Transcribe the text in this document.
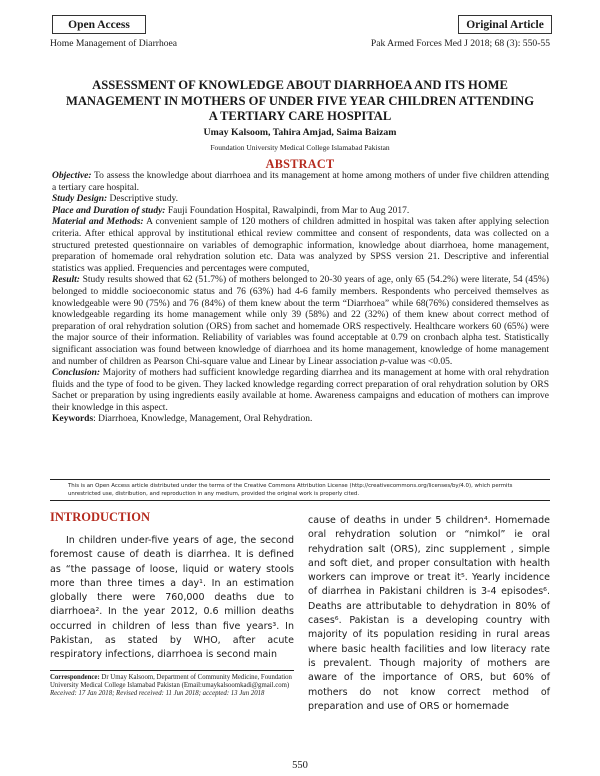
Open Access	Original Article
Home Management of Diarrhoea	Pak Armed Forces Med J 2018; 68 (3): 550-55
ASSESSMENT OF KNOWLEDGE ABOUT DIARRHOEA AND ITS HOME MANAGEMENT IN MOTHERS OF UNDER FIVE YEAR CHILDREN ATTENDING A TERTIARY CARE HOSPITAL
Umay Kalsoom, Tahira Amjad, Saima Baizam
Foundation University Medical College Islamabad Pakistan
ABSTRACT

Objective: To assess the knowledge about diarrhoea and its management at home among mothers of under five children attending a tertiary care hospital.

Study Design: Descriptive study.

Place and Duration of study: Fauji Foundation Hospital, Rawalpindi, from Mar to Aug 2017.

Material and Methods: A convenient sample of 120 mothers of children admitted in hospital was taken after applying selection criteria. After ethical approval by institutional ethical review committee and consent of respondents, data was collected on a structured pretested questionnaire on variables of demographic information, knowledge about diarrhoea, home management, preparation of homemade oral rehydration solution etc. Data was analyzed by SPSS version 21. Descriptive and inferential statistics was applied. Frequencies and percentages were computed,

Result: Study results showed that 62 (51.7%) of mothers belonged to 20-30 years of age, only 65 (54.2%) were literate, 54 (45%) belonged to middle socioeconomic status and 76 (63%) had 4-6 family members. Respondents who perceived themselves as knowledgeable were 90 (75%) and 76 (84%) of them knew about the term “Diarrhoea” while 68(76%) considered themselves as knowledgeable regarding its home management while only 39 (58%) and 22 (32%) of them knew about correct method of preparation of oral rehydration solution (ORS) from sachet and homemade ORS respectively. Healthcare workers 60 (65%) were the major source of their information. Reliability of variables was found acceptable at 0.79 on cronbach alpha test. Statistically significant association was found between knowledge of diarrhoea and its home management, knowledge of home management and number of children as Pearson Chi-square value and Linear by Linear association p-value was <0.05.

Conclusion: Majority of mothers had sufficient knowledge regarding diarrhea and its management at home with oral rehydration fluids and the type of food to be given. They lacked knowledge regarding correct preparation of oral rehydration solution by ORS Sachet or preparation by using ingredients easily available at home. Awareness campaigns and education of mothers can improve their knowledge in this aspect.

Keywords: Diarrhoea, Knowledge, Management, Oral Rehydration.

This is an Open Access article distributed under the terms of the Creative Commons Attribution License (http://creativecommons.org/licenses/by/4.0), which permits unrestricted use, distribution, and reproduction in any medium, provided the original work is properly cited.
INTRODUCTION

In children under-five years of age, the second foremost cause of death is diarrhea. It is defined as “the passage of loose, liquid or watery stools more than three times a day¹. In an estimation globally there were 760,000 deaths due to diarrhoea². In the year 2012, 0.6 million deaths occurred in children of less than five years³. In Pakistan, as stated by WHO, after acute respiratory infections, diarrhoea is second main

Correspondence: Dr Umay Kalsoom, Department of Community Medicine, Foundation University Medical College Islamabad Pakistan (Email:umaykalsoomkadi@gmail.com)
Received: 17 Jan 2018; Revised received: 11 Jun 2018; accepted: 13 Jun 2018

cause of deaths in under 5 children⁴. Homemade oral rehydration solution or “nimkol” ie oral rehydration salt (ORS), zinc supplement , simple and soft diet, and proper consultation with health workers can improve or treat it⁵. Yearly incidence of diarrhea in Pakistani children is 3-4 episodes⁶. Deaths are attributable to dehydration in 80% of cases⁶. Pakistan is a developing country with majority of its population residing in rural areas where basic health facilities and low literacy rate is prevalent. Though majority of mothers are aware of the importance of ORS, but 60% of mothers do not know correct method of preparation and use of ORS or homemade

550
